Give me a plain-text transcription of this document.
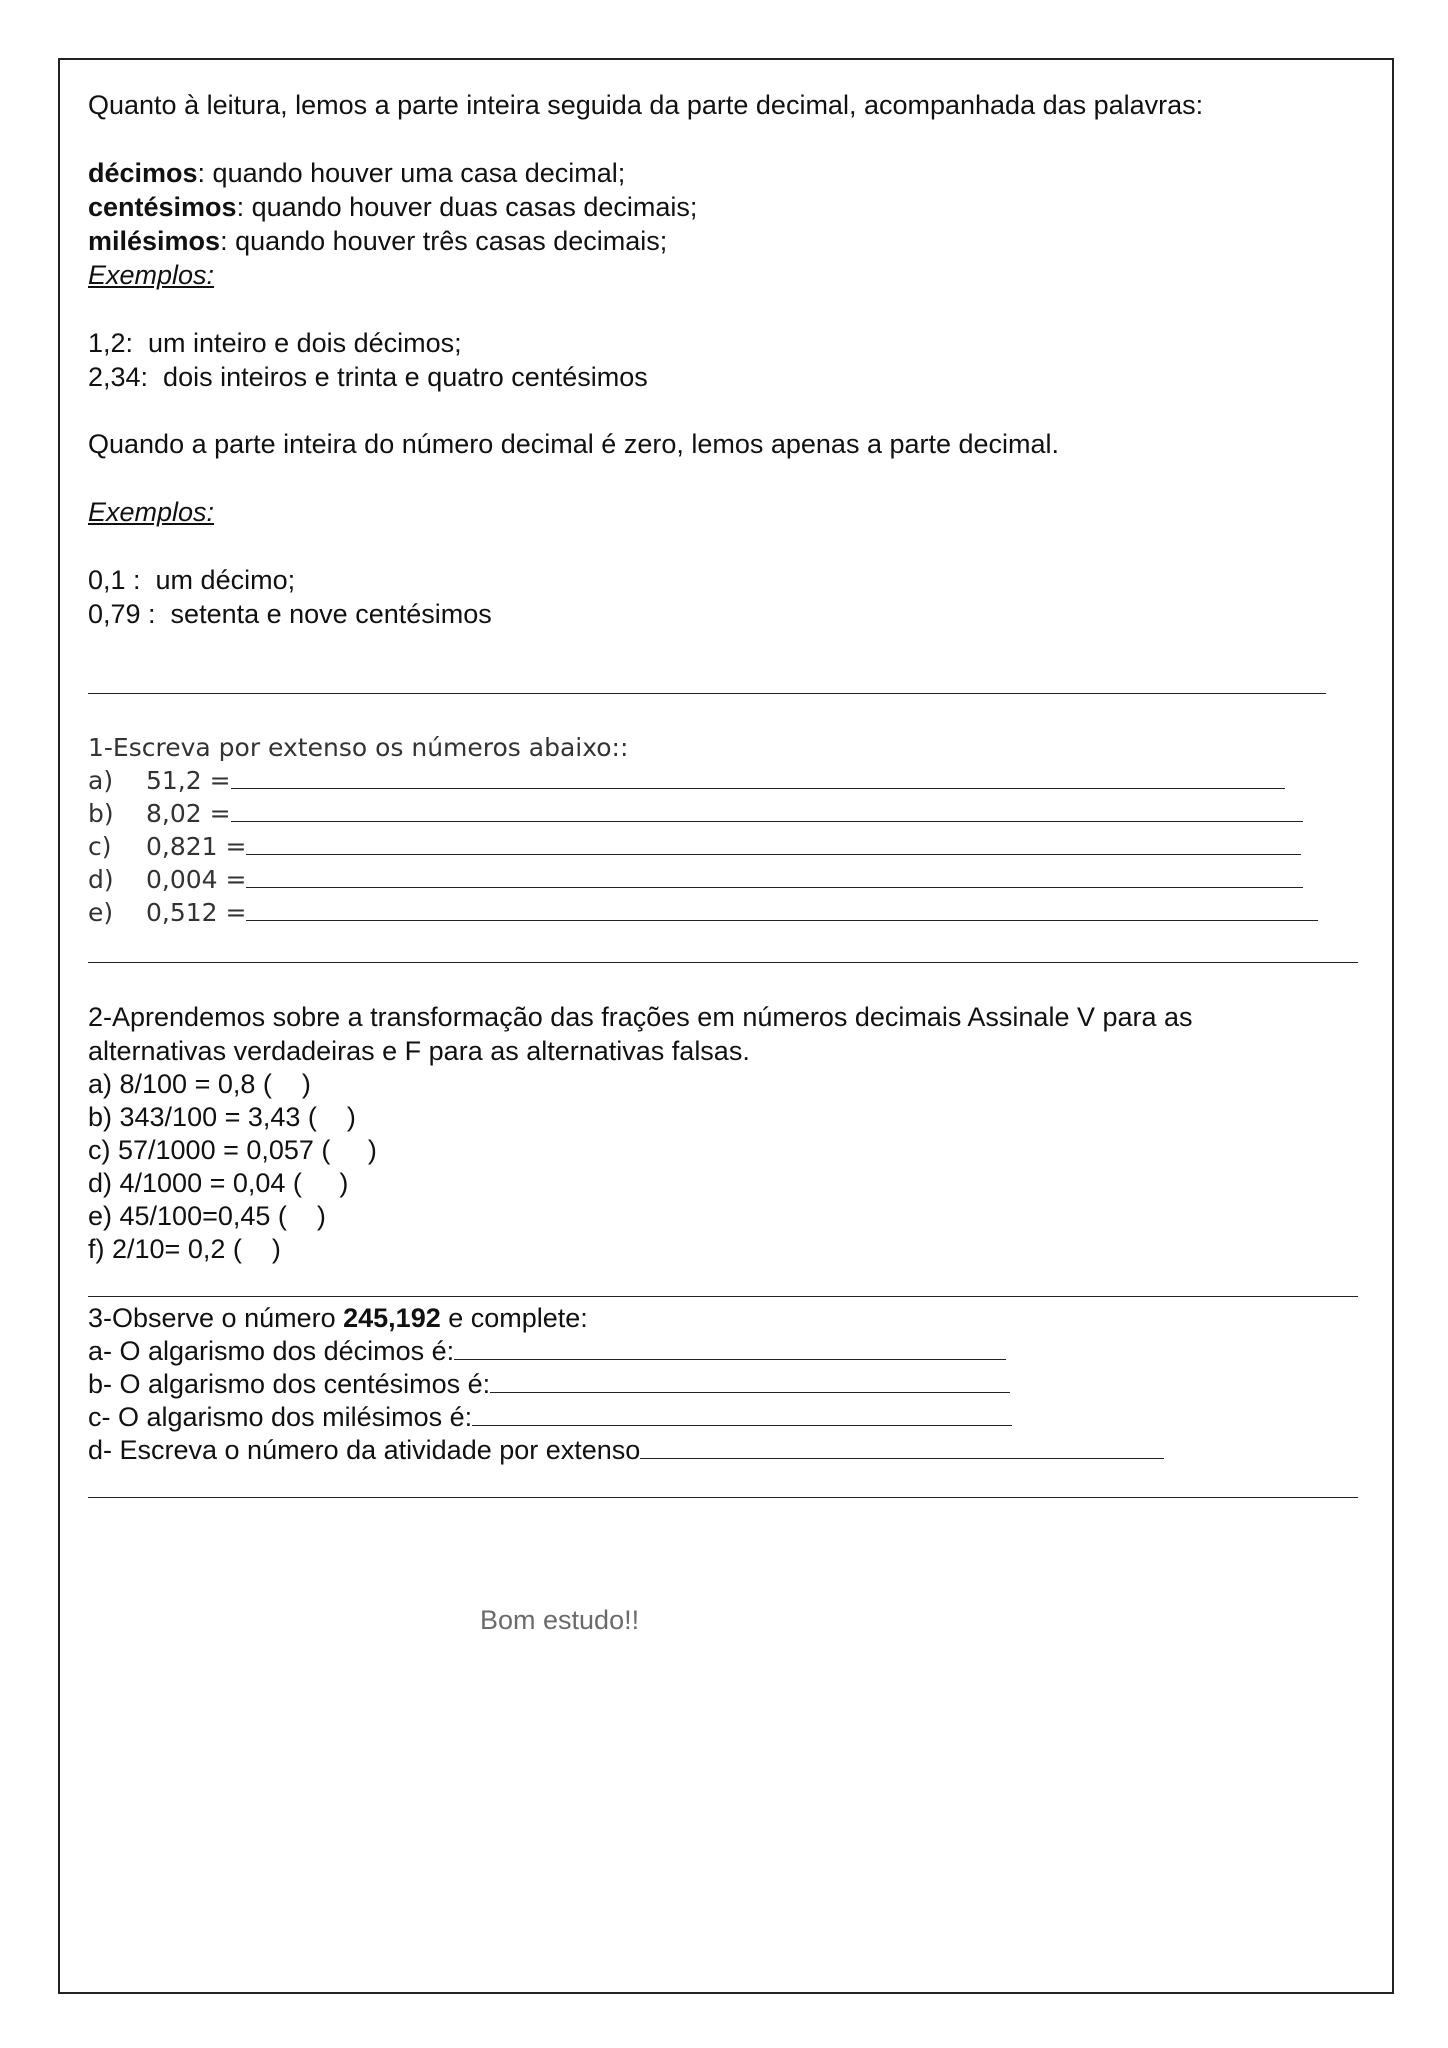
Quanto à leitura, lemos a parte inteira seguida da parte decimal, acompanhada das palavras:
décimos: quando houver uma casa decimal;
centésimos: quando houver duas casas decimais;
milésimos: quando houver três casas decimais;
Exemplos:
1,2:  um inteiro e dois décimos;
2,34:  dois inteiros e trinta e quatro centésimos
Quando a parte inteira do número decimal é zero, lemos apenas a parte decimal.
Exemplos:
0,1 :  um décimo;
0,79 :  setenta e nove centésimos
1-Escreva por extenso os números abaixo::
a) 51,2 =
b) 8,02 =
c) 0,821 =
d) 0,004 =
e) 0,512 =
2-Aprendemos sobre a transformação das frações em números decimais Assinale V para as
alternativas verdadeiras e F para as alternativas falsas.
a) 8/100 = 0,8 (    )
b) 343/100 = 3,43 (    )
c) 57/1000 = 0,057 (     )
d) 4/1000 = 0,04 (     )
e) 45/100=0,45 (    )
f) 2/10= 0,2 (    )
3-Observe o número 245,192 e complete:
a- O algarismo dos décimos é:
b- O algarismo dos centésimos é:
c- O algarismo dos milésimos é:
d- Escreva o número da atividade por extenso
Bom estudo!!
